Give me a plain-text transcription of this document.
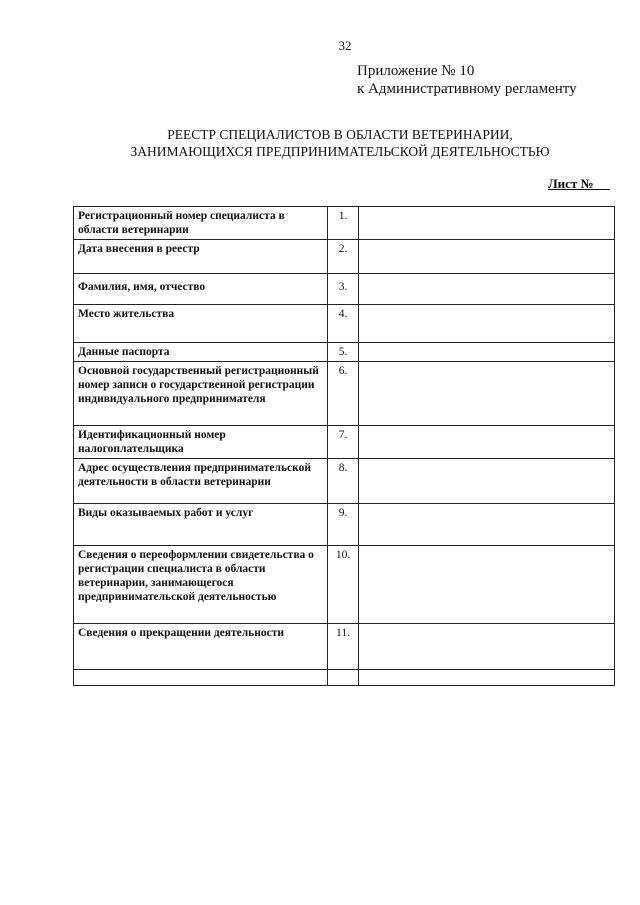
32
Приложение № 10
к Административному регламенту
РЕЕСТР СПЕЦИАЛИСТОВ В ОБЛАСТИ ВЕТЕРИНАРИИ,
ЗАНИМАЮЩИХСЯ ПРЕДПРИНИМАТЕЛЬСКОЙ ДЕЯТЕЛЬНОСТЬЮ
Лист №
Регистрационный номер специалиста в области ветеринарии	1.	
Дата внесения в реестр	2.	
Фамилия, имя, отчество	3.	
Место жительства	4.	
Данные паспорта	5.	
Основной государственный регистрационный номер записи о государственной регистрации индивидуального предпринимателя	6.	
Идентификационный номер налогоплательщика	7.	
Адрес осуществления предпринимательской деятельности в области ветеринарии	8.	
Виды оказываемых работ и услуг	9.	
Сведения о переоформлении свидетельства о регистрации специалиста в области ветеринарии, занимающегося предпринимательской деятельностью	10.	
Сведения о прекращении деятельности	11.	
